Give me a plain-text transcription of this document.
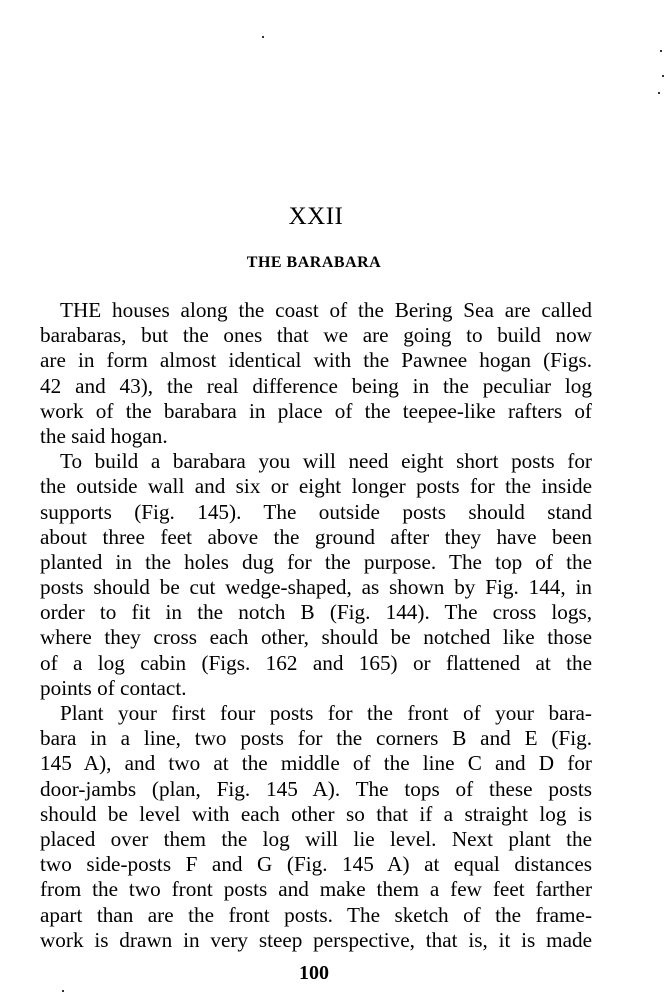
XXII
THE BARABARA
THE houses along the coast of the Bering Sea are called
barabaras, but the ones that we are going to build now
are in form almost identical with the Pawnee hogan (Figs.
42 and 43), the real difference being in the peculiar log
work of the barabara in place of the teepee-like rafters of
the said hogan.
To build a barabara you will need eight short posts for
the outside wall and six or eight longer posts for the inside
supports (Fig. 145). The outside posts should stand
about three feet above the ground after they have been
planted in the holes dug for the purpose. The top of the
posts should be cut wedge-shaped, as shown by Fig. 144, in
order to fit in the notch B (Fig. 144). The cross logs,
where they cross each other, should be notched like those
of a log cabin (Figs. 162 and 165) or flattened at the
points of contact.
Plant your first four posts for the front of your bara-
bara in a line, two posts for the corners B and E (Fig.
145 A), and two at the middle of the line C and D for
door-jambs (plan, Fig. 145 A). The tops of these posts
should be level with each other so that if a straight log is
placed over them the log will lie level. Next plant the
two side-posts F and G (Fig. 145 A) at equal distances
from the two front posts and make them a few feet farther
apart than are the front posts. The sketch of the frame-
work is drawn in very steep perspective, that is, it is made
100
